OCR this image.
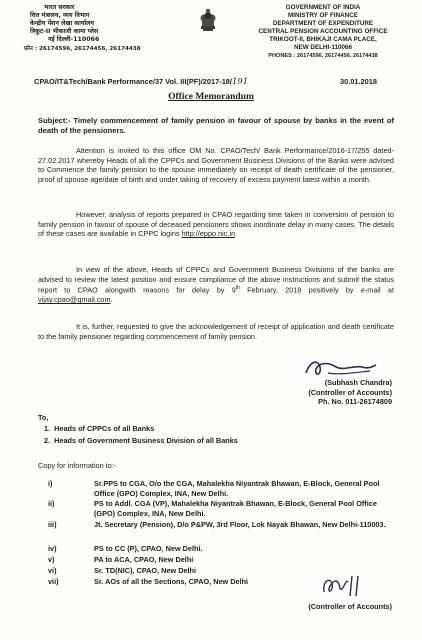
भारत सरकार
वित्त मंत्रालय, व्यय विभाग
केन्द्रीय पेंशन लेखा कार्यालय
त्रिकूट-II भीकाजी कामा प्लेस
नई दिल्ली-110066
फ़ोन : 26174596, 26174456, 26174438
GOVERNMENT OF INDIA
MINISTRY OF FINANCE
DEPARTMENT OF EXPENDITURE
CENTRAL PENSION ACCOUNTING OFFICE
TRIKOOT-II, BHIKAJI CAMA PLACE,
NEW DELHI-110066
PHONES : 26174596, 26174456, 26174438
CPAO/IT&Tech/Bank Performance/37 Vol. III(PF)/2017-18/191	30.01.2018
Office Memorandum
Subject:- Timely commencement of family pension in favour of spouse by banks in the event of death of the pensioners.
Attention is invited to this office OM No. CPAO/Tech/ Bank Performance/2016-17/255 dated-27.02.2017 whereby Heads of all the CPPCs and Government Business Divisions of the Banks were advised to Commence the family pension to the spouse immediately on receipt of death certificate of the pensioner, proof of spouse age/date of birth and under taking of recovery of excess payment latest within a month.
However, analysis of reports prepared in CPAO regarding time taken in conversion of pension to family pension in favour of spouse of deceased pensioners shows inordinate delay in many cases. The details of these cases are available in CPPC logins http://eppo.nic.in
In view of the above, Heads of CPPCs and Government Business Divisions of the banks are advised to review the latest position and ensure compliance of the above instructions and submit the status report to CPAO alongwith reasons for delay by 9th February, 2018 positively by e-mail at vijay.cpao@gmail.com.
It is, further, requested to give the acknowledgement of receipt of application and death certificate to the family pensioner regarding commencement of family pension.
(Subhash Chandra)
(Controller of Accounts)
Ph. No. 011-26174809
To,
1.  Heads of CPPCs of all Banks
2.  Heads of Government Business Division of all Banks
Copy for information to:-
i)	Sr.PPS to CGA, O/o the CGA, Mahalekha Niyantrak Bhawan, E-Block, General Pool Office (GPO) Complex, INA, New Delhi.
ii)	PS to Addl. CGA (VP), Mahalekha Niyantrak Bhawan, E-Block, General Pool Office (GPO) Complex, INA, New Delhi.
iii)	Jt. Secretary (Pension), D/o P&PW, 3rd Floor, Lok Nayak Bhawan, New Delhi-110003.
iv)	PS to CC (P), CPAO, New Delhi.
v)	PA to ACA, CPAO, New Delhi
vi)	Sr. TD(NIC), CPAO, New Delhi
vii)	Sr. AOs of all the Sections, CPAO, New Delhi
(Controller of Accounts)
